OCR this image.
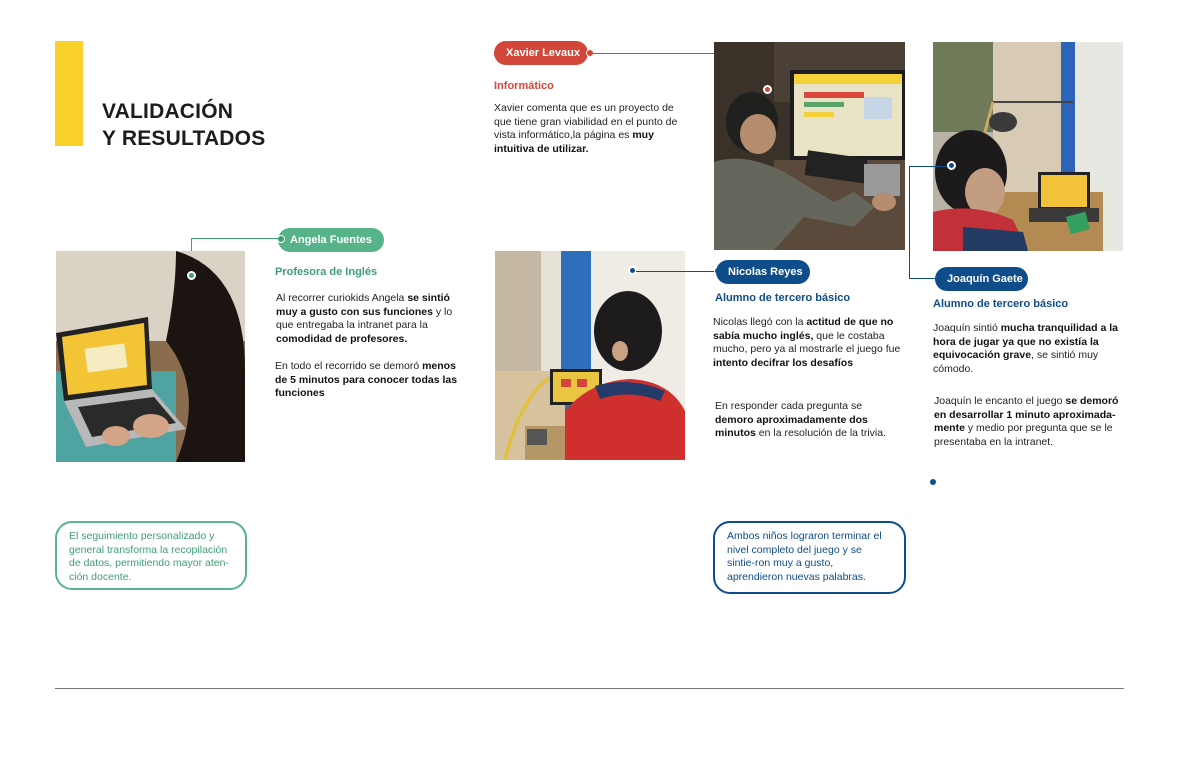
VALIDACIÓN
Y RESULTADOS
Xavier Levaux
Informático
Xavier comenta que es un proyecto de que tiene gran viabilidad en el punto de vista informático,la página es muy intuitiva de utilizar.
Angela Fuentes
Profesora de Inglés
Al recorrer curiokids Angela se sintió muy a gusto con sus funciones y lo que entregaba la intranet para la comodidad de profesores.
En todo el recorrido se demoró menos de 5 minutos para conocer todas las funciones
Nicolas Reyes
Alumno de tercero básico
Nicolas llegó con la actitud de que no sabía mucho inglés, que le costaba mucho, pero ya al mostrarle el juego fue intento decifrar los desafíos
En responder cada pregunta se demoro aproximadamente dos minutos en la resolución de la trivia.
Joaquín Gaete
Alumno de tercero básico
Joaquín sintió mucha tranquilidad a la hora de jugar ya que no existía la equivocación grave, se sintió muy cómodo.
Joaquín le encanto el juego se demoró en desarrollar 1 minuto aproximada-mente y medio por pregunta que se le presentaba en la intranet.
El seguimiento personalizado y general transforma la recopilación de datos, permitiendo mayor aten-ción docente.
Ambos niños lograron terminar el nivel completo del juego y se sintie-ron muy a gusto, aprendieron nuevas palabras.
